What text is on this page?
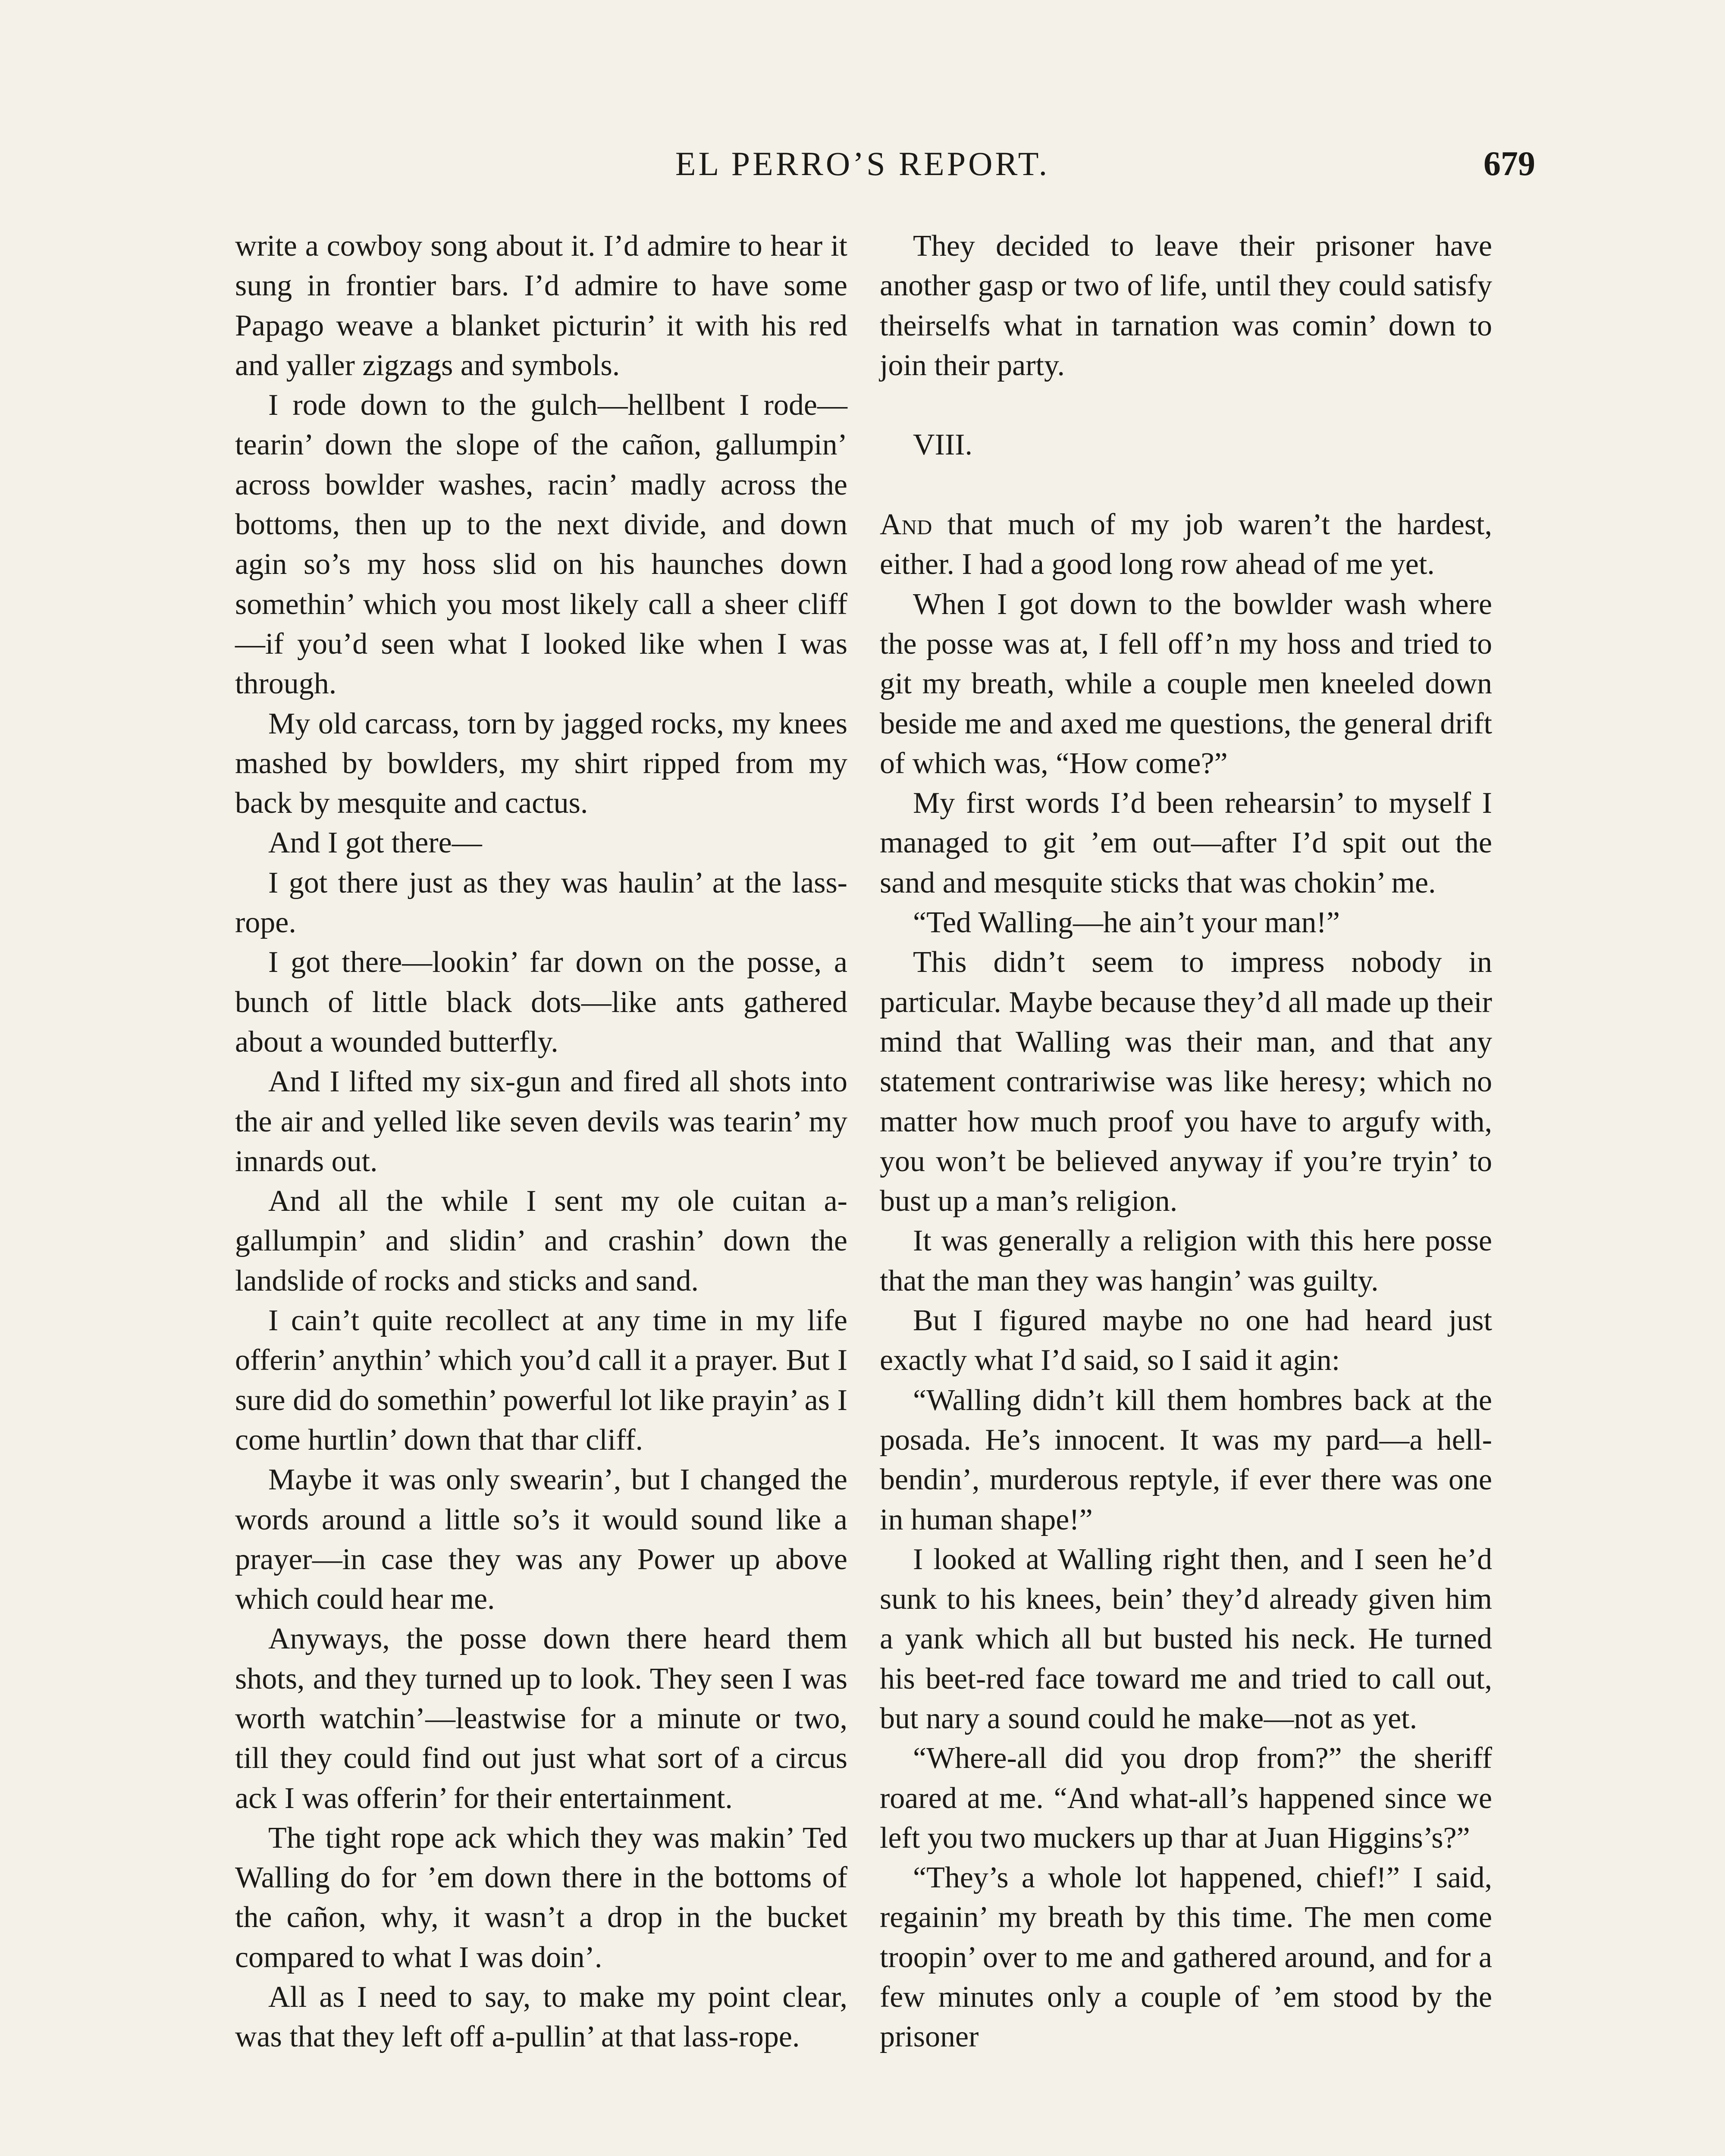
EL PERRO’S REPORT.	679

write a cowboy song about it. I’d admire to hear it sung in frontier bars. I’d admire to have some Papago weave a blanket picturin’ it with his red and yaller zigzags and symbols.

I rode down to the gulch—hellbent I rode—tearin’ down the slope of the cañon, gallumpin’ across bowlder washes, racin’ madly across the bottoms, then up to the next divide, and down agin so’s my hoss slid on his haunches down somethin’ which you most likely call a sheer cliff—if you’d seen what I looked like when I was through.

My old carcass, torn by jagged rocks, my knees mashed by bowlders, my shirt ripped from my back by mesquite and cactus.

And I got there—

I got there just as they was haulin’ at the lass-rope.

I got there—lookin’ far down on the posse, a bunch of little black dots—like ants gathered about a wounded butterfly.

And I lifted my six-gun and fired all shots into the air and yelled like seven devils was tearin’ my innards out.

And all the while I sent my ole cuitan a-gallumpin’ and slidin’ and crashin’ down the landslide of rocks and sticks and sand.

I cain’t quite recollect at any time in my life offerin’ anythin’ which you’d call it a prayer. But I sure did do somethin’ powerful lot like prayin’ as I come hurtlin’ down that thar cliff.

Maybe it was only swearin’, but I changed the words around a little so’s it would sound like a prayer—in case they was any Power up above which could hear me.

Anyways, the posse down there heard them shots, and they turned up to look. They seen I was worth watchin’—leastwise for a minute or two, till they could find out just what sort of a circus ack I was offerin’ for their entertainment.

The tight rope ack which they was makin’ Ted Walling do for ’em down there in the bottoms of the cañon, why, it wasn’t a drop in the bucket compared to what I was doin’.

All as I need to say, to make my point clear, was that they left off a-pullin’ at that lass-rope.

They decided to leave their prisoner have another gasp or two of life, until they could satisfy theirselfs what in tarnation was comin’ down to join their party.

VIII.

And that much of my job waren’t the hardest, either. I had a good long row ahead of me yet.

When I got down to the bowlder wash where the posse was at, I fell off’n my hoss and tried to git my breath, while a couple men kneeled down beside me and axed me questions, the general drift of which was, “How come?”

My first words I’d been rehearsin’ to myself I managed to git ’em out—after I’d spit out the sand and mesquite sticks that was chokin’ me.

“Ted Walling—he ain’t your man!”

This didn’t seem to impress nobody in particular. Maybe because they’d all made up their mind that Walling was their man, and that any statement contrariwise was like heresy; which no matter how much proof you have to argufy with, you won’t be believed anyway if you’re tryin’ to bust up a man’s religion.

It was generally a religion with this here posse that the man they was hangin’ was guilty.

But I figured maybe no one had heard just exactly what I’d said, so I said it agin:

“Walling didn’t kill them hombres back at the posada. He’s innocent. It was my pard—a hell-bendin’, murderous reptyle, if ever there was one in human shape!”

I looked at Walling right then, and I seen he’d sunk to his knees, bein’ they’d already given him a yank which all but busted his neck. He turned his beet-red face toward me and tried to call out, but nary a sound could he make—not as yet.

“Where-all did you drop from?” the sheriff roared at me. “And what-all’s happened since we left you two muckers up thar at Juan Higgins’s?”

“They’s a whole lot happened, chief!” I said, regainin’ my breath by this time. The men come troopin’ over to me and gathered around, and for a few minutes only a couple of ’em stood by the prisoner
